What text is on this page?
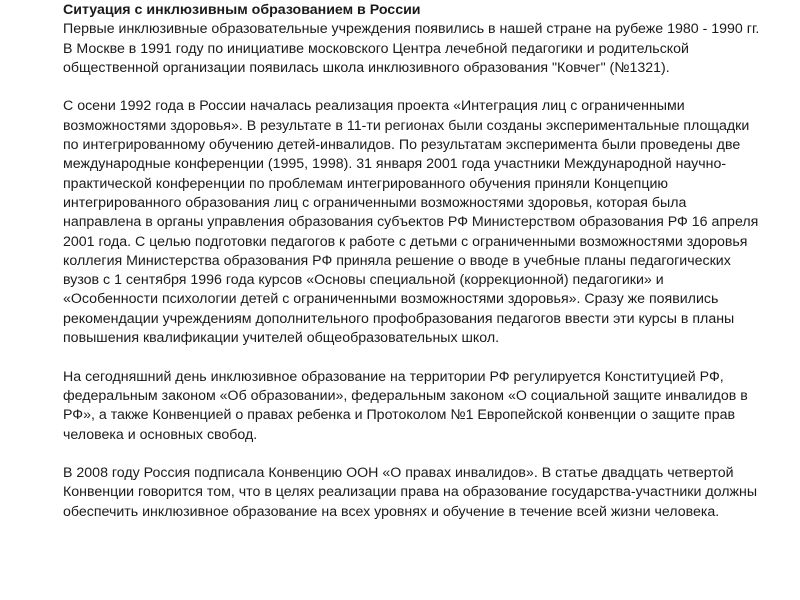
Ситуация с инклюзивным образованием в России

Первые инклюзивные образовательные учреждения появились в нашей стране на рубеже 1980 - 1990 гг. В Москве в 1991 году по инициативе московского Центра лечебной педагогики и родительской общественной организации появилась школа инклюзивного образования "Ковчег" (№1321).

С осени 1992 года в России началась реализация проекта «Интеграция лиц с ограниченными возможностями здоровья». В результате в 11-ти регионах были созданы экспериментальные площадки по интегрированному обучению детей-инвалидов. По результатам эксперимента были проведены две международные конференции (1995, 1998). 31 января 2001 года участники Международной научно-практической конференции по проблемам интегрированного обучения приняли Концепцию интегрированного образования лиц с ограниченными возможностями здоровья, которая была направлена в органы управления образования субъектов РФ Министерством образования РФ 16 апреля 2001 года. С целью подготовки педагогов к работе с детьми с ограниченными возможностями здоровья коллегия Министерства образования РФ приняла решение о вводе в учебные планы педагогических вузов с 1 сентября 1996 года курсов «Основы специальной (коррекционной) педагогики» и «Особенности психологии детей с ограниченными возможностями здоровья». Сразу же появились рекомендации учреждениям дополнительного профобразования педагогов ввести эти курсы в планы повышения квалификации учителей общеобразовательных школ.

На сегодняшний день инклюзивное образование на территории РФ регулируется Конституцией РФ, федеральным законом «Об образовании», федеральным законом «О социальной защите инвалидов в РФ», а также Конвенцией о правах ребенка и Протоколом №1 Европейской конвенции о защите прав человека и основных свобод.

В 2008 году Россия подписала Конвенцию ООН «О правах инвалидов». В статье двадцать четвертой Конвенции говорится том, что в целях реализации права на образование государства-участники должны обеспечить инклюзивное образование на всех уровнях и обучение в течение всей жизни человека.
